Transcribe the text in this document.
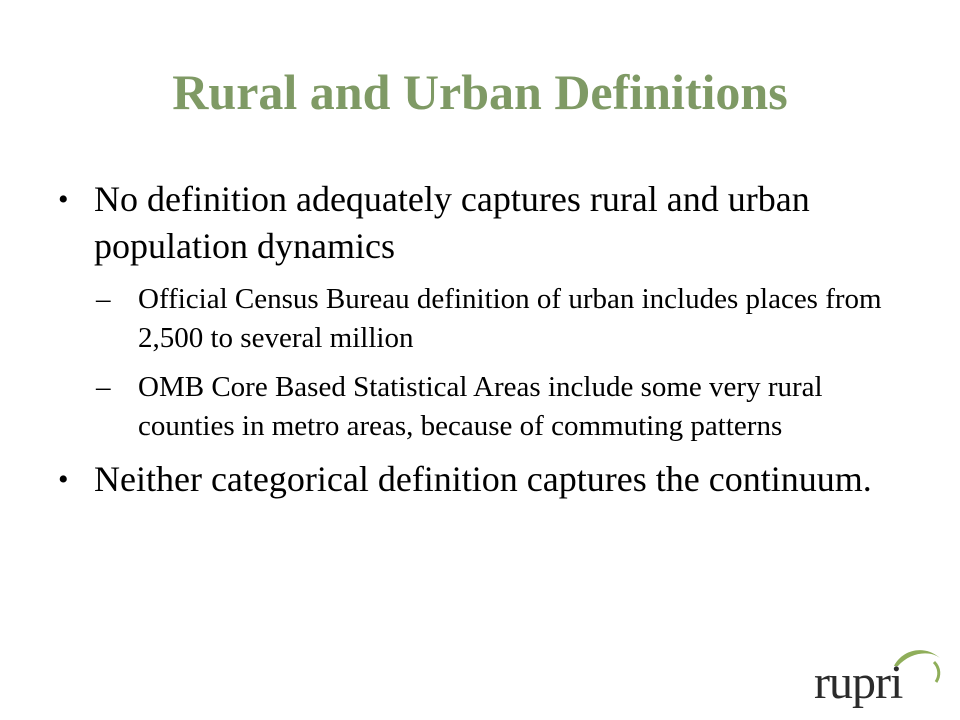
Rural and Urban Definitions

• No definition adequately captures rural and urban population dynamics

– Official Census Bureau definition of urban includes places from 2,500 to several million

– OMB Core Based Statistical Areas include some very rural counties in metro areas, because of commuting patterns

• Neither categorical definition captures the continuum.

rupri
